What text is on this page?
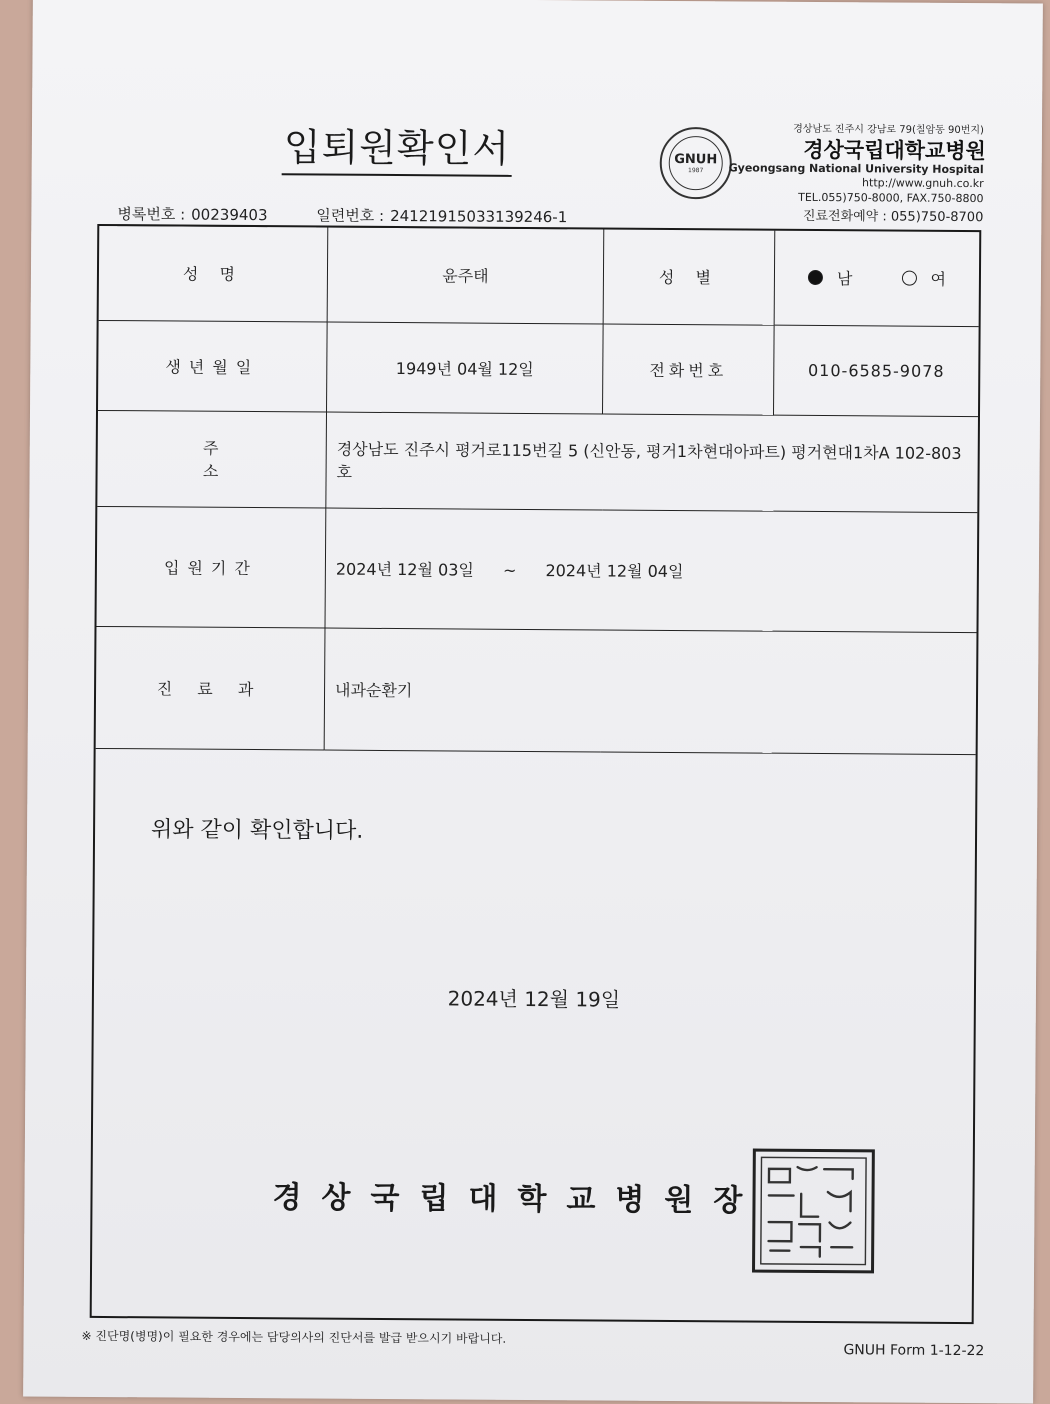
입퇴원확인서	GNUH
1987
경상남도 진주시 강남로 79(칠암동 90번지)
경상국립대학교병원
Gyeongsang National University Hospital
http://www.gnuh.co.kr
TEL.055)750-8000, FAX.750-8800
진료전화예약 : 055)750-8700
병록번호 : 00239403	일련번호 : 24121915033139246-1
성 명	윤주태	성 별	남 여
생년월일	1949년 04월 12일	전화번호	010-6585-9078
주 소	경상남도 진주시 평거로115번길 5 (신안동, 평거1차현대아파트) 평거현대1차A 102-803호		
입원기간	2024년 12월 03일 ~ 2024년 12월 04일		
진 료 과	내과순환기		
위와 같이 확인합니다.
2024년 12월 19일
경상국립대학교병원장
※ 진단명(병명)이 필요한 경우에는 담당의사의 진단서를 발급 받으시기 바랍니다.
GNUH Form 1-12-22
